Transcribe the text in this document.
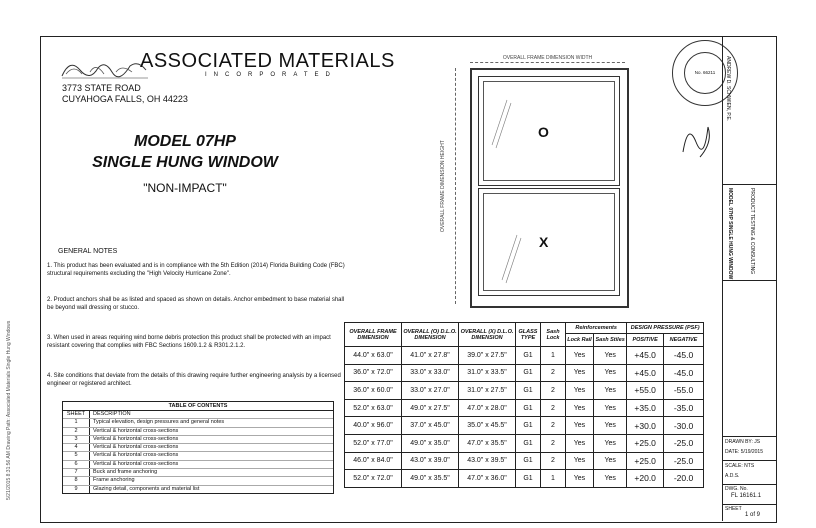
5/21/2015 8:31:56 AM Drawing Path: Associated Materials Single Hung Windows
ASSOCIATED MATERIALS
INCORPORATED
3773 STATE ROAD
CUYAHOGA FALLS, OH 44223
MODEL 07HP
SINGLE HUNG WINDOW
"NON-IMPACT"
GENERAL NOTES
1. This product has been evaluated and is in compliance with the 5th Edition (2014) Florida Building Code (FBC) structural requirements excluding the "High Velocity Hurricane Zone".
2. Product anchors shall be as listed and spaced as shown on details. Anchor embedment to base material shall be beyond wall dressing or stucco.
3. When used in areas requiring wind borne debris protection this product shall be protected with an impact resistant covering that complies with FBC Sections 1609.1.2 & R301.2.1.2.
4. Site conditions that deviate from the details of this drawing require further engineering analysis by a licensed engineer or registered architect.
TABLE OF CONTENTS
SHEET	DESCRIPTION
1	Typical elevation, design pressures and general notes
2	Vertical & horizontal cross-sections
3	Vertical & horizontal cross-sections
4	Vertical & horizontal cross-sections
5	Vertical & horizontal cross-sections
6	Vertical & horizontal cross-sections
7	Buck and frame anchoring
8	Frame anchoring
9	Glazing detail, components and material list
OVERALL FRAME DIMENSION WIDTH
OVERALL FRAME DIMENSION HEIGHT
O
X
OVERALL FRAME DIMENSION	OVERALL (O) D.L.O. DIMENSION	OVERALL (X) D.L.O. DIMENSION	GLASS TYPE	Sash Lock	Reinforcements		DESIGN PRESSURE (PSF)	
					Lock Rail	Sash Stiles	POSITIVE	NEGATIVE
44.0" x 63.0"	41.0" x 27.8"	39.0" x 27.5"	G1	1	Yes	Yes	+45.0	-45.0
36.0" x 72.0"	33.0" x 33.0"	31.0" x 33.5"	G1	2	Yes	Yes	+45.0	-45.0
36.0" x 60.0"	33.0" x 27.0"	31.0" x 27.5"	G1	2	Yes	Yes	+55.0	-55.0
52.0" x 63.0"	49.0" x 27.5"	47.0" x 28.0"	G1	2	Yes	Yes	+35.0	-35.0
40.0" x 96.0"	37.0" x 45.0"	35.0" x 45.5"	G1	2	Yes	Yes	+30.0	-30.0
52.0" x 77.0"	49.0" x 35.0"	47.0" x 35.5"	G1	2	Yes	Yes	+25.0	-25.0
46.0" x 84.0"	43.0" x 39.0"	43.0" x 39.5"	G1	2	Yes	Yes	+25.0	-25.0
52.0" x 72.0"	49.0" x 35.5"	47.0" x 36.0"	G1	1	Yes	Yes	+20.0	-20.0
No. 66211	ANDREW D. SCHWIEN, P.E.
MODEL 07HP SINGLE HUNG WINDOW	PRODUCT TESTING & CONSULTING
DRAWN BY: JS
DATE: 5/19/2015
SCALE: NTS
A.D.S.
DWG. No.
FL 16161.1
SHEET
1 of 9
